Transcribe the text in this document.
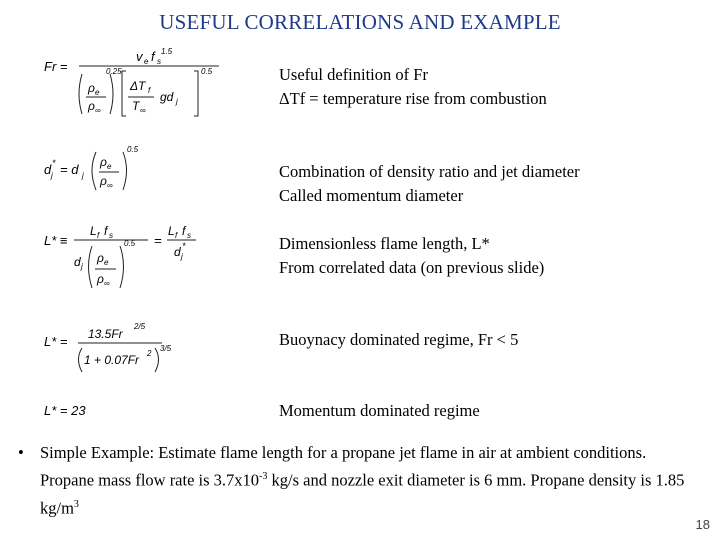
USEFUL CORRELATIONS AND EXAMPLE
Fr =
v e f s
1.5
ρ e
ρ ∞
0.25
ΔT f
T ∞
gd j
0.5
d j
* = d j
ρ e
ρ ∞
0.5
L* ≡
L f f s
d j
ρ e
ρ ∞
0.5 =
L f f s
d j
*
L* = 13.5Fr
2/5
1 + 0.07Fr 2
3/5
L* = 23
Useful definition of Fr
ΔTf = temperature rise from combustion
Combination of density ratio and jet diameter
Called momentum diameter
Dimensionless flame length, L*
From correlated data (on previous slide)
Buoynacy dominated regime, Fr < 5
Momentum dominated regime
• Simple Example: Estimate flame length for a propane jet flame in air at ambient conditions. Propane mass flow rate is $3.7x10^{-3}$ kg/s and nozzle exit diameter is 6 mm. Propane density is 1.85 $kg/m^3$
18
